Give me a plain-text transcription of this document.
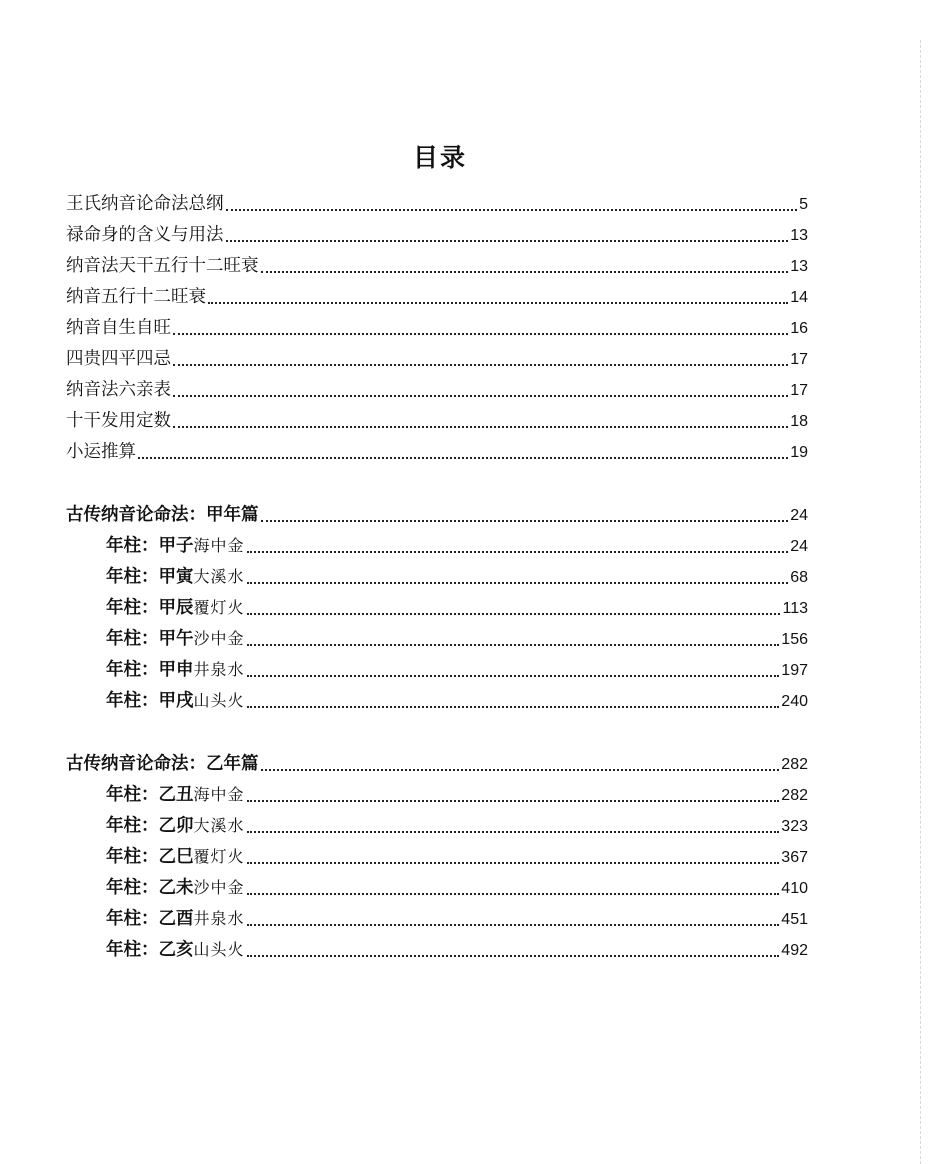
目录
王氏纳音论命法总纲	5
禄命身的含义与用法	13
纳音法天干五行十二旺衰	13
纳音五行十二旺衰	14
纳音自生自旺	16
四贵四平四忌	17
纳音法六亲表	17
十干发用定数	18
小运推算	19
古传纳音论命法：甲年篇	24
年柱：甲子海中金	24
年柱：甲寅大溪水	68
年柱：甲辰覆灯火	113
年柱：甲午沙中金	156
年柱：甲申井泉水	197
年柱：甲戌山头火	240
古传纳音论命法：乙年篇	282
年柱：乙丑海中金	282
年柱：乙卯大溪水	323
年柱：乙巳覆灯火	367
年柱：乙未沙中金	410
年柱：乙酉井泉水	451
年柱：乙亥山头火	492
